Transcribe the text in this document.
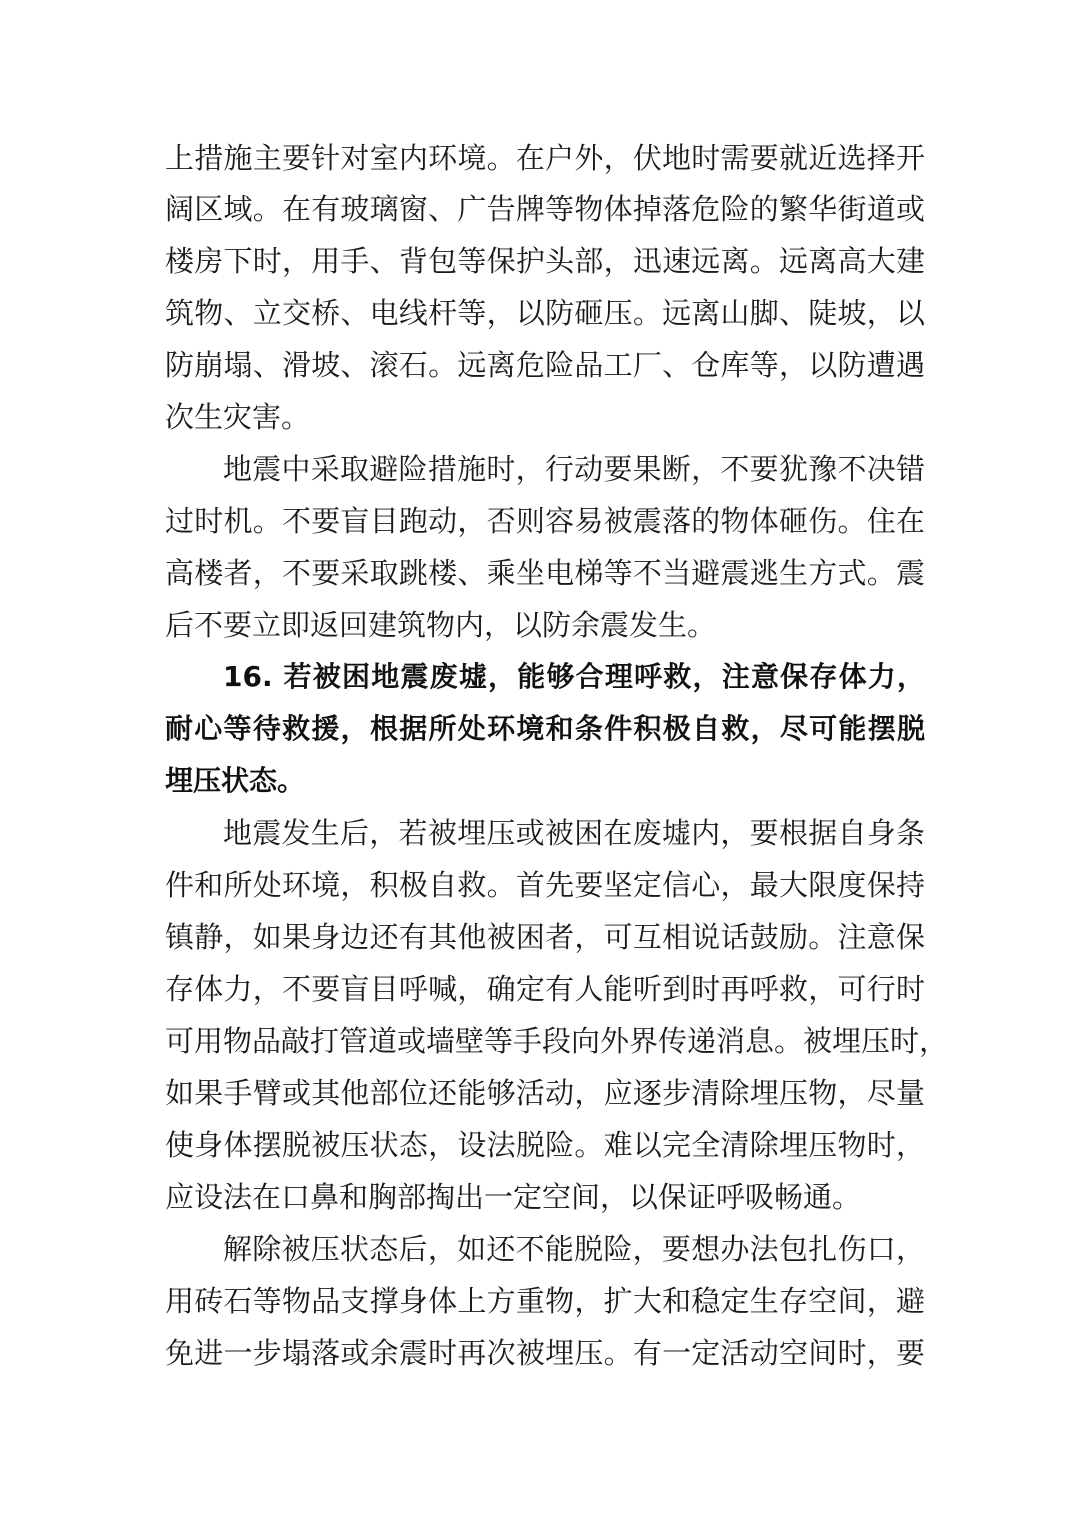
上措施主要针对室内环境。在户外，伏地时需要就近选择开
阔区域。在有玻璃窗、广告牌等物体掉落危险的繁华街道或
楼房下时，用手、背包等保护头部，迅速远离。远离高大建
筑物、立交桥、电线杆等，以防砸压。远离山脚、陡坡，以
防崩塌、滑坡、滚石。远离危险品工厂、仓库等，以防遭遇
次生灾害。
地震中采取避险措施时，行动要果断，不要犹豫不决错
过时机。不要盲目跑动，否则容易被震落的物体砸伤。住在
高楼者，不要采取跳楼、乘坐电梯等不当避震逃生方式。震
后不要立即返回建筑物内，以防余震发生。
16. 若被困地震废墟，能够合理呼救，注意保存体力，
耐心等待救援，根据所处环境和条件积极自救，尽可能摆脱
埋压状态。
地震发生后，若被埋压或被困在废墟内，要根据自身条
件和所处环境，积极自救。首先要坚定信心，最大限度保持
镇静，如果身边还有其他被困者，可互相说话鼓励。注意保
存体力，不要盲目呼喊，确定有人能听到时再呼救，可行时
可用物品敲打管道或墙壁等手段向外界传递消息。被埋压时，
如果手臂或其他部位还能够活动，应逐步清除埋压物，尽量
使身体摆脱被压状态，设法脱险。难以完全清除埋压物时，
应设法在口鼻和胸部掏出一定空间，以保证呼吸畅通。
解除被压状态后，如还不能脱险，要想办法包扎伤口，
用砖石等物品支撑身体上方重物，扩大和稳定生存空间，避
免进一步塌落或余震时再次被埋压。有一定活动空间时，要
